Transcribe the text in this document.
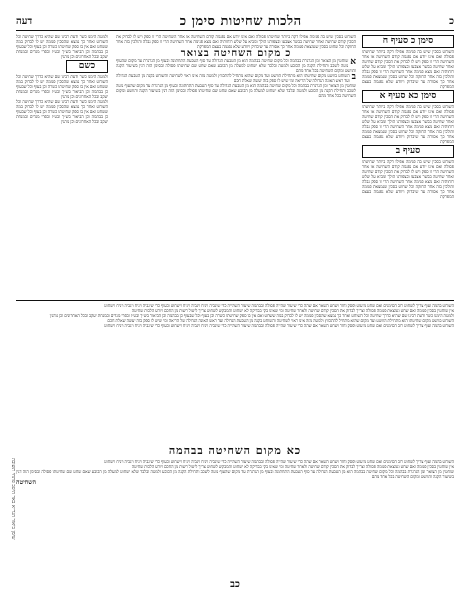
כ
הלכות שחיטות סימן כ
דעה
סימן כ סעיף ח
השוחט בסכין שיש בה פגימה אפילו דקה ביותר שחיטתו פסולה ואם אינו יודע אם נפגמה קודם השחיטה או אחר השחיטה הרי זו ספק ויש לו לבדוק את הסכין קודם שחיטה ואחר שחיטה בבשר אצבעו ובצפורנו הולך ומביא על שלש רוחותיה ואם מצא פגימה אחר השחיטה הרי זו ספק נבלה והולכין בזה אחר החזקה וכל שחוט בסכין שנמצאת פגומה אחר כך אסורה עד שיבדוק ויוודע שלא נפגמה בעצם המפרקת
סימן כא סעיף א
השוחט בסכין שיש בה פגימה אפילו דקה ביותר שחיטתו פסולה ואם אינו יודע אם נפגמה קודם השחיטה או אחר השחיטה הרי זו ספק ויש לו לבדוק את הסכין קודם שחיטה ואחר שחיטה בבשר אצבעו ובצפורנו הולך ומביא על שלש רוחותיה ואם מצא פגימה אחר השחיטה הרי זו ספק נבלה והולכין בזה אחר החזקה וכל שחוט בסכין שנמצאת פגומה אחר כך אסורה עד שיבדוק ויוודע שלא נפגמה בעצם המפרקת
סעיף ב
השוחט בסכין שיש בה פגימה אפילו דקה ביותר שחיטתו פסולה ואם אינו יודע אם נפגמה קודם השחיטה או אחר השחיטה הרי זו ספק ויש לו לבדוק את הסכין קודם שחיטה ואחר שחיטה בבשר אצבעו ובצפורנו הולך ומביא על שלש רוחותיה ואם מצא פגימה אחר השחיטה הרי זו ספק נבלה והולכין בזה אחר החזקה וכל שחוט בסכין שנמצאת פגומה אחר כך אסורה עד שיבדוק ויוודע שלא נפגמה בעצם המפרקת
השוחט בסכין שיש בה פגימה אפילו דקה ביותר שחיטתו פסולה ואם אינו יודע אם נפגמה קודם השחיטה או אחר השחיטה הרי זו ספק ויש לו לבדוק את הסכין קודם שחיטה ואחר שחיטה בבשר אצבעו ובצפורנו הולך ומביא על שלש רוחותיה ואם מצא פגימה אחר השחיטה הרי זו ספק נבלה והולכין בזה אחר החזקה וכל שחוט בסכין שנמצאת פגומה אחר כך אסורה עד שיבדוק ויוודע שלא נפגמה בעצם המפרקת
כ מקום השחיטה בצואר
א
שוחטין מן הצואר ומן הגרגרת בבהמה וכל מקום שחיטה בבהמה הוא מן הטבעת הגדולה עד סוף הטבעת התחתונה ובעוף מן הגרגרת עד מקום שהעוף נוטה לשכב ותחילת הקנה מן הכובע ולמטה ובלבד שלא ישחוט למעלה מן הכובע שאם שחט שם שחיטתו פסולה ובסימן הזה דנין בשיעור הקנה והוושט ומקום השחיטה בכל אחד מהם
ב
השוחט בוושט מקום שחיטתו הוא מתחילת הוושט ועד מקום שהוא מתחיל להתכווץ ולמטה מזה אינו ראוי לשחיטה והשוחט בקנה מן הטבעת הגדולה ועד ראש האונה הגדולה של הריאה ומי שיש לו ספק בזה יעשה שאלת חכם
שוחטין מן הצואר ומן הגרגרת בבהמה וכל מקום שחיטה בבהמה הוא מן הטבעת הגדולה עד סוף הטבעת התחתונה ובעוף מן הגרגרת עד מקום שהעוף נוטה לשכב ותחילת הקנה מן הכובע ולמטה ובלבד שלא ישחוט למעלה מן הכובע שאם שחט שם שחיטתו פסולה ובסימן הזה דנין בשיעור הקנה והוושט ומקום השחיטה בכל אחד מהם
ולמטה הימנו כשר ודעת רבינו שם שהיא כדרך שחיטה וכל השוחט ואחר כך נמצא שהסכין פגומה יש לו לבדוק במה ששחט ואם אין בו ספק שחיטתו כשרה וכן בעוף וכל שבעוף כן בבהמה וכן הביאור בש״ך ובט״ז ובפרי מגדים ובמנחת יעקב ובכל האחרונים וכן נוהגין
כשם
ולמטה הימנו כשר ודעת רבינו שם שהיא כדרך שחיטה וכל השוחט ואחר כך נמצא שהסכין פגומה יש לו לבדוק במה ששחט ואם אין בו ספק שחיטתו כשרה וכן בעוף וכל שבעוף כן בבהמה וכן הביאור בש״ך ובט״ז ובפרי מגדים ובמנחת יעקב ובכל האחרונים וכן נוהגין
ולמטה הימנו כשר ודעת רבינו שם שהיא כדרך שחיטה וכל השוחט ואחר כך נמצא שהסכין פגומה יש לו לבדוק במה ששחט ואם אין בו ספק שחיטתו כשרה וכן בעוף וכל שבעוף כן בבהמה וכן הביאור בש״ך ובט״ז ובפרי מגדים ובמנחת יעקב ובכל האחרונים וכן נוהגין
השוחט בהמה ועוף צריך לשחוט רוב הסימנים ואם שחט מיעוט ופסק וחזר ושחט השאר אם שהה כדי שיעור שהייה פסולה ובבהמה שיעור השהייה כדי שיגביה ויניח ויגביה ויניח וישחוט ובעוף כדי שיגביה ויניח ויגביה ויניח וישחוט
אין שוחטין בסכין פגומה ואם שחט ונמצאת פגומה פסולה וצריך לבדוק את הסכין קודם שחיטה ולאחר שחיטה ומי שאינו בקי בבדיקה לא ישחוט והמבקש לשחוט צריך ליטול רשות מן החכם ויודע הלכות שחיטה
ולמטה הימנו כשר ודעת רבינו שם שהיא כדרך שחיטה וכל השוחט ואחר כך נמצא שהסכין פגומה יש לו לבדוק במה ששחט ואם אין בו ספק שחיטתו כשרה וכן בעוף וכל שבעוף כן בבהמה וכן הביאור בש״ך ובט״ז ובפרי מגדים ובמנחת יעקב ובכל האחרונים וכן נוהגין
השוחט בוושט מקום שחיטתו הוא מתחילת הוושט ועד מקום שהוא מתחיל להתכווץ ולמטה מזה אינו ראוי לשחיטה והשוחט בקנה מן הטבעת הגדולה ועד ראש האונה הגדולה של הריאה ומי שיש לו ספק בזה יעשה שאלת חכם
השוחט בהמה ועוף צריך לשחוט רוב הסימנים ואם שחט מיעוט ופסק וחזר ושחט השאר אם שהה כדי שיעור שהייה פסולה ובבהמה שיעור השהייה כדי שיגביה ויניח ויגביה ויניח וישחוט ובעוף כדי שיגביה ויניח ויגביה ויניח וישחוט
כא מקום השחיטה בבהמה
השוחט בהמה ועוף צריך לשחוט רוב הסימנים ואם שחט מיעוט ופסק וחזר ושחט השאר אם שהה כדי שיעור שהייה פסולה ובבהמה שיעור השהייה כדי שיגביה ויניח ויגביה ויניח וישחוט ובעוף כדי שיגביה ויניח ויגביה ויניח וישחוט
אין שוחטין בסכין פגומה ואם שחט ונמצאת פגומה פסולה וצריך לבדוק את הסכין קודם שחיטה ולאחר שחיטה ומי שאינו בקי בבדיקה לא ישחוט והמבקש לשחוט צריך ליטול רשות מן החכם ויודע הלכות שחיטה
שוחטין מן הצואר ומן הגרגרת בבהמה וכל מקום שחיטה בבהמה הוא מן הטבעת הגדולה עד סוף הטבעת התחתונה ובעוף מן הגרגרת עד מקום שהעוף נוטה לשכב ותחילת הקנה מן הכובע ולמטה ובלבד שלא ישחוט למעלה מן הכובע שאם שחט שם שחיטתו פסולה ובסימן הזה דנין בשיעור הקנה והוושט ומקום השחיטה בכל אחד מהם
השחיטה
כב
שימן ביאור הגר״א באר היטב פתחי תשובה
